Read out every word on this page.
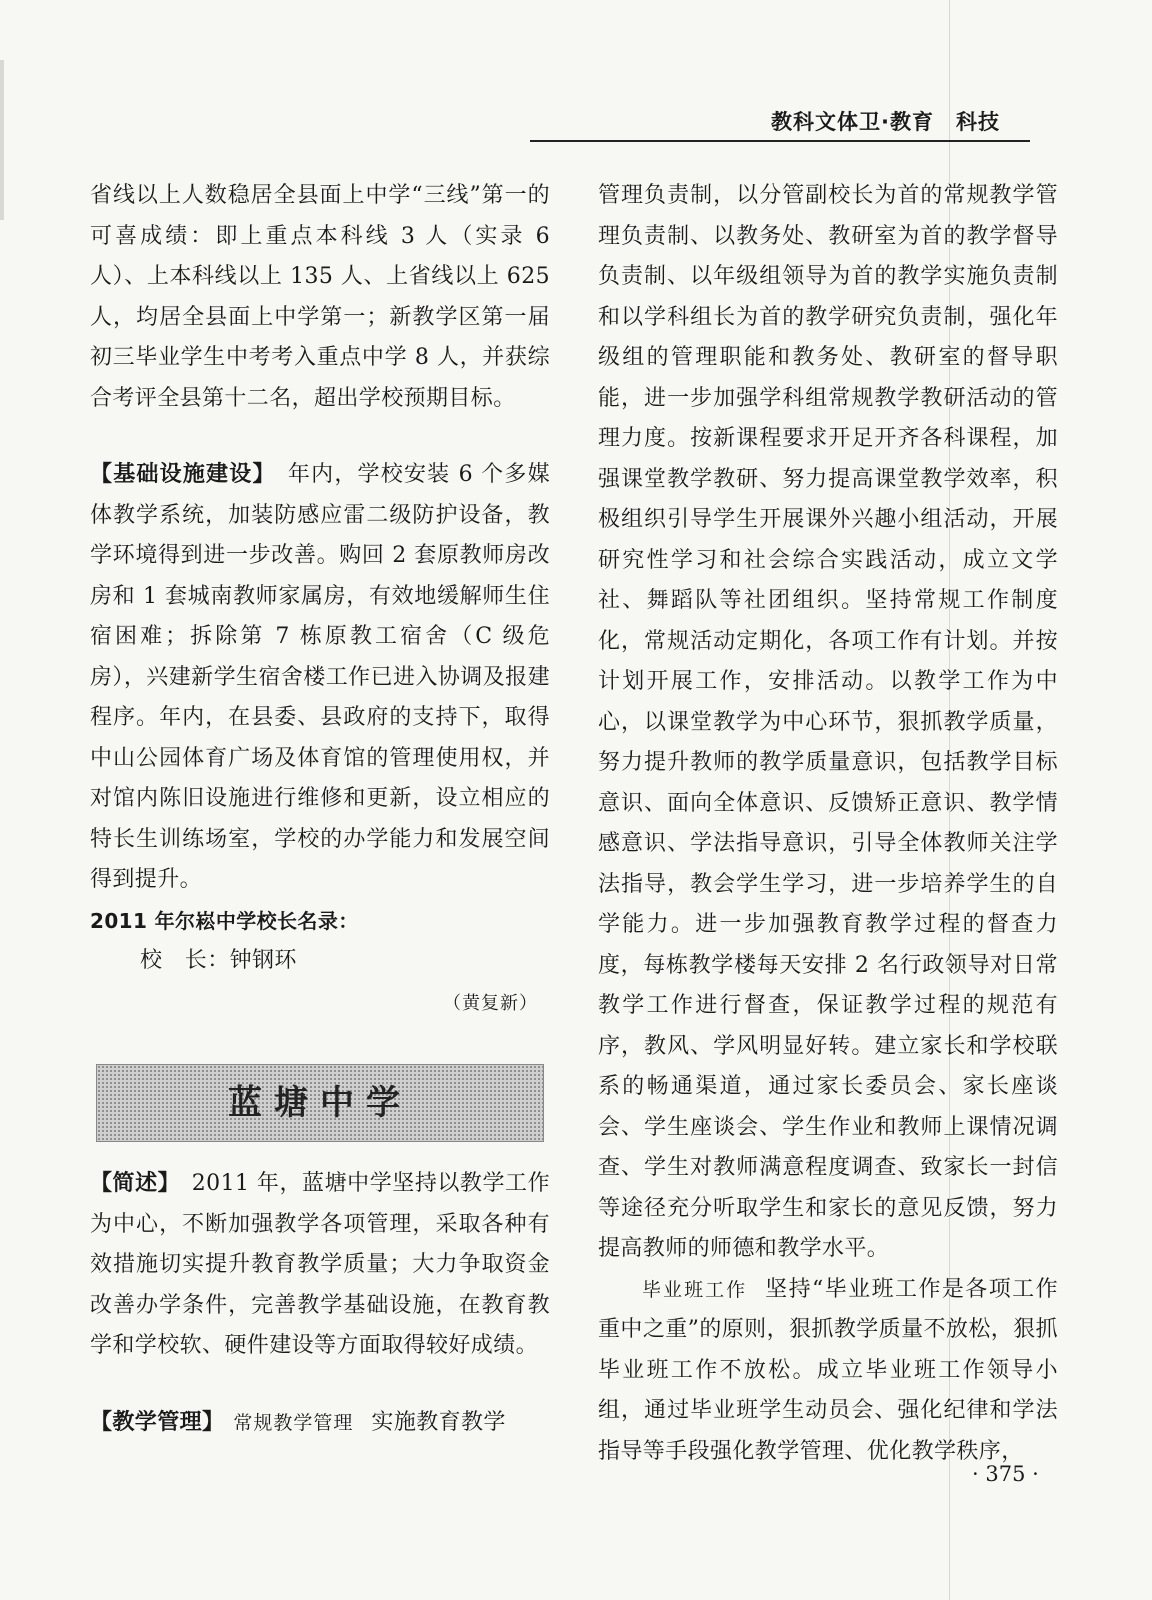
教科文体卫·教育　科技

省线以上人数稳居全县面上中学“三线”第一的可喜成绩：即上重点本科线 3 人（实录 6 人）、上本科线以上 135 人、上省线以上 625 人，均居全县面上中学第一；新教学区第一届初三毕业学生中考考入重点中学 8 人，并获综合考评全县第十二名，超出学校预期目标。

【基础设施建设】　年内，学校安装 6 个多媒体教学系统，加装防感应雷二级防护设备，教学环境得到进一步改善。购回 2 套原教师房改房和 1 套城南教师家属房，有效地缓解师生住宿困难；拆除第 7 栋原教工宿舍（C 级危房），兴建新学生宿舍楼工作已进入协调及报建程序。年内，在县委、县政府的支持下，取得中山公园体育广场及体育馆的管理使用权，并对馆内陈旧设施进行维修和更新，设立相应的特长生训练场室，学校的办学能力和发展空间得到提升。

2011 年尔崧中学校长名录：

校　长：钟钢环

（黄复新）

蓝塘中学

【简述】　2011 年，蓝塘中学坚持以教学工作为中心，不断加强教学各项管理，采取各种有效措施切实提升教育教学质量；大力争取资金改善办学条件，完善教学基础设施，在教育教学和学校软、硬件建设等方面取得较好成绩。

【教学管理】　常规教学管理 实施教育教学

管理负责制，以分管副校长为首的常规教学管理负责制、以教务处、教研室为首的教学督导负责制、以年级组领导为首的教学实施负责制和以学科组长为首的教学研究负责制，强化年级组的管理职能和教务处、教研室的督导职能，进一步加强学科组常规教学教研活动的管理力度。按新课程要求开足开齐各科课程，加强课堂教学教研、努力提高课堂教学效率，积极组织引导学生开展课外兴趣小组活动，开展研究性学习和社会综合实践活动，成立文学社、舞蹈队等社团组织。坚持常规工作制度化，常规活动定期化，各项工作有计划。并按计划开展工作，安排活动。以教学工作为中心，以课堂教学为中心环节，狠抓教学质量，努力提升教师的教学质量意识，包括教学目标意识、面向全体意识、反馈矫正意识、教学情感意识、学法指导意识，引导全体教师关注学法指导，教会学生学习，进一步培养学生的自学能力。进一步加强教育教学过程的督查力度，每栋教学楼每天安排 2 名行政领导对日常教学工作进行督查，保证教学过程的规范有序，教风、学风明显好转。建立家长和学校联系的畅通渠道，通过家长委员会、家长座谈会、学生座谈会、学生作业和教师上课情况调查、学生对教师满意程度调查、致家长一封信等途径充分听取学生和家长的意见反馈，努力提高教师的师德和教学水平。

毕业班工作 坚持“毕业班工作是各项工作重中之重”的原则，狠抓教学质量不放松，狠抓毕业班工作不放松。成立毕业班工作领导小组，通过毕业班学生动员会、强化纪律和学法指导等手段强化教学管理、优化教学秩序，

· 375 ·
